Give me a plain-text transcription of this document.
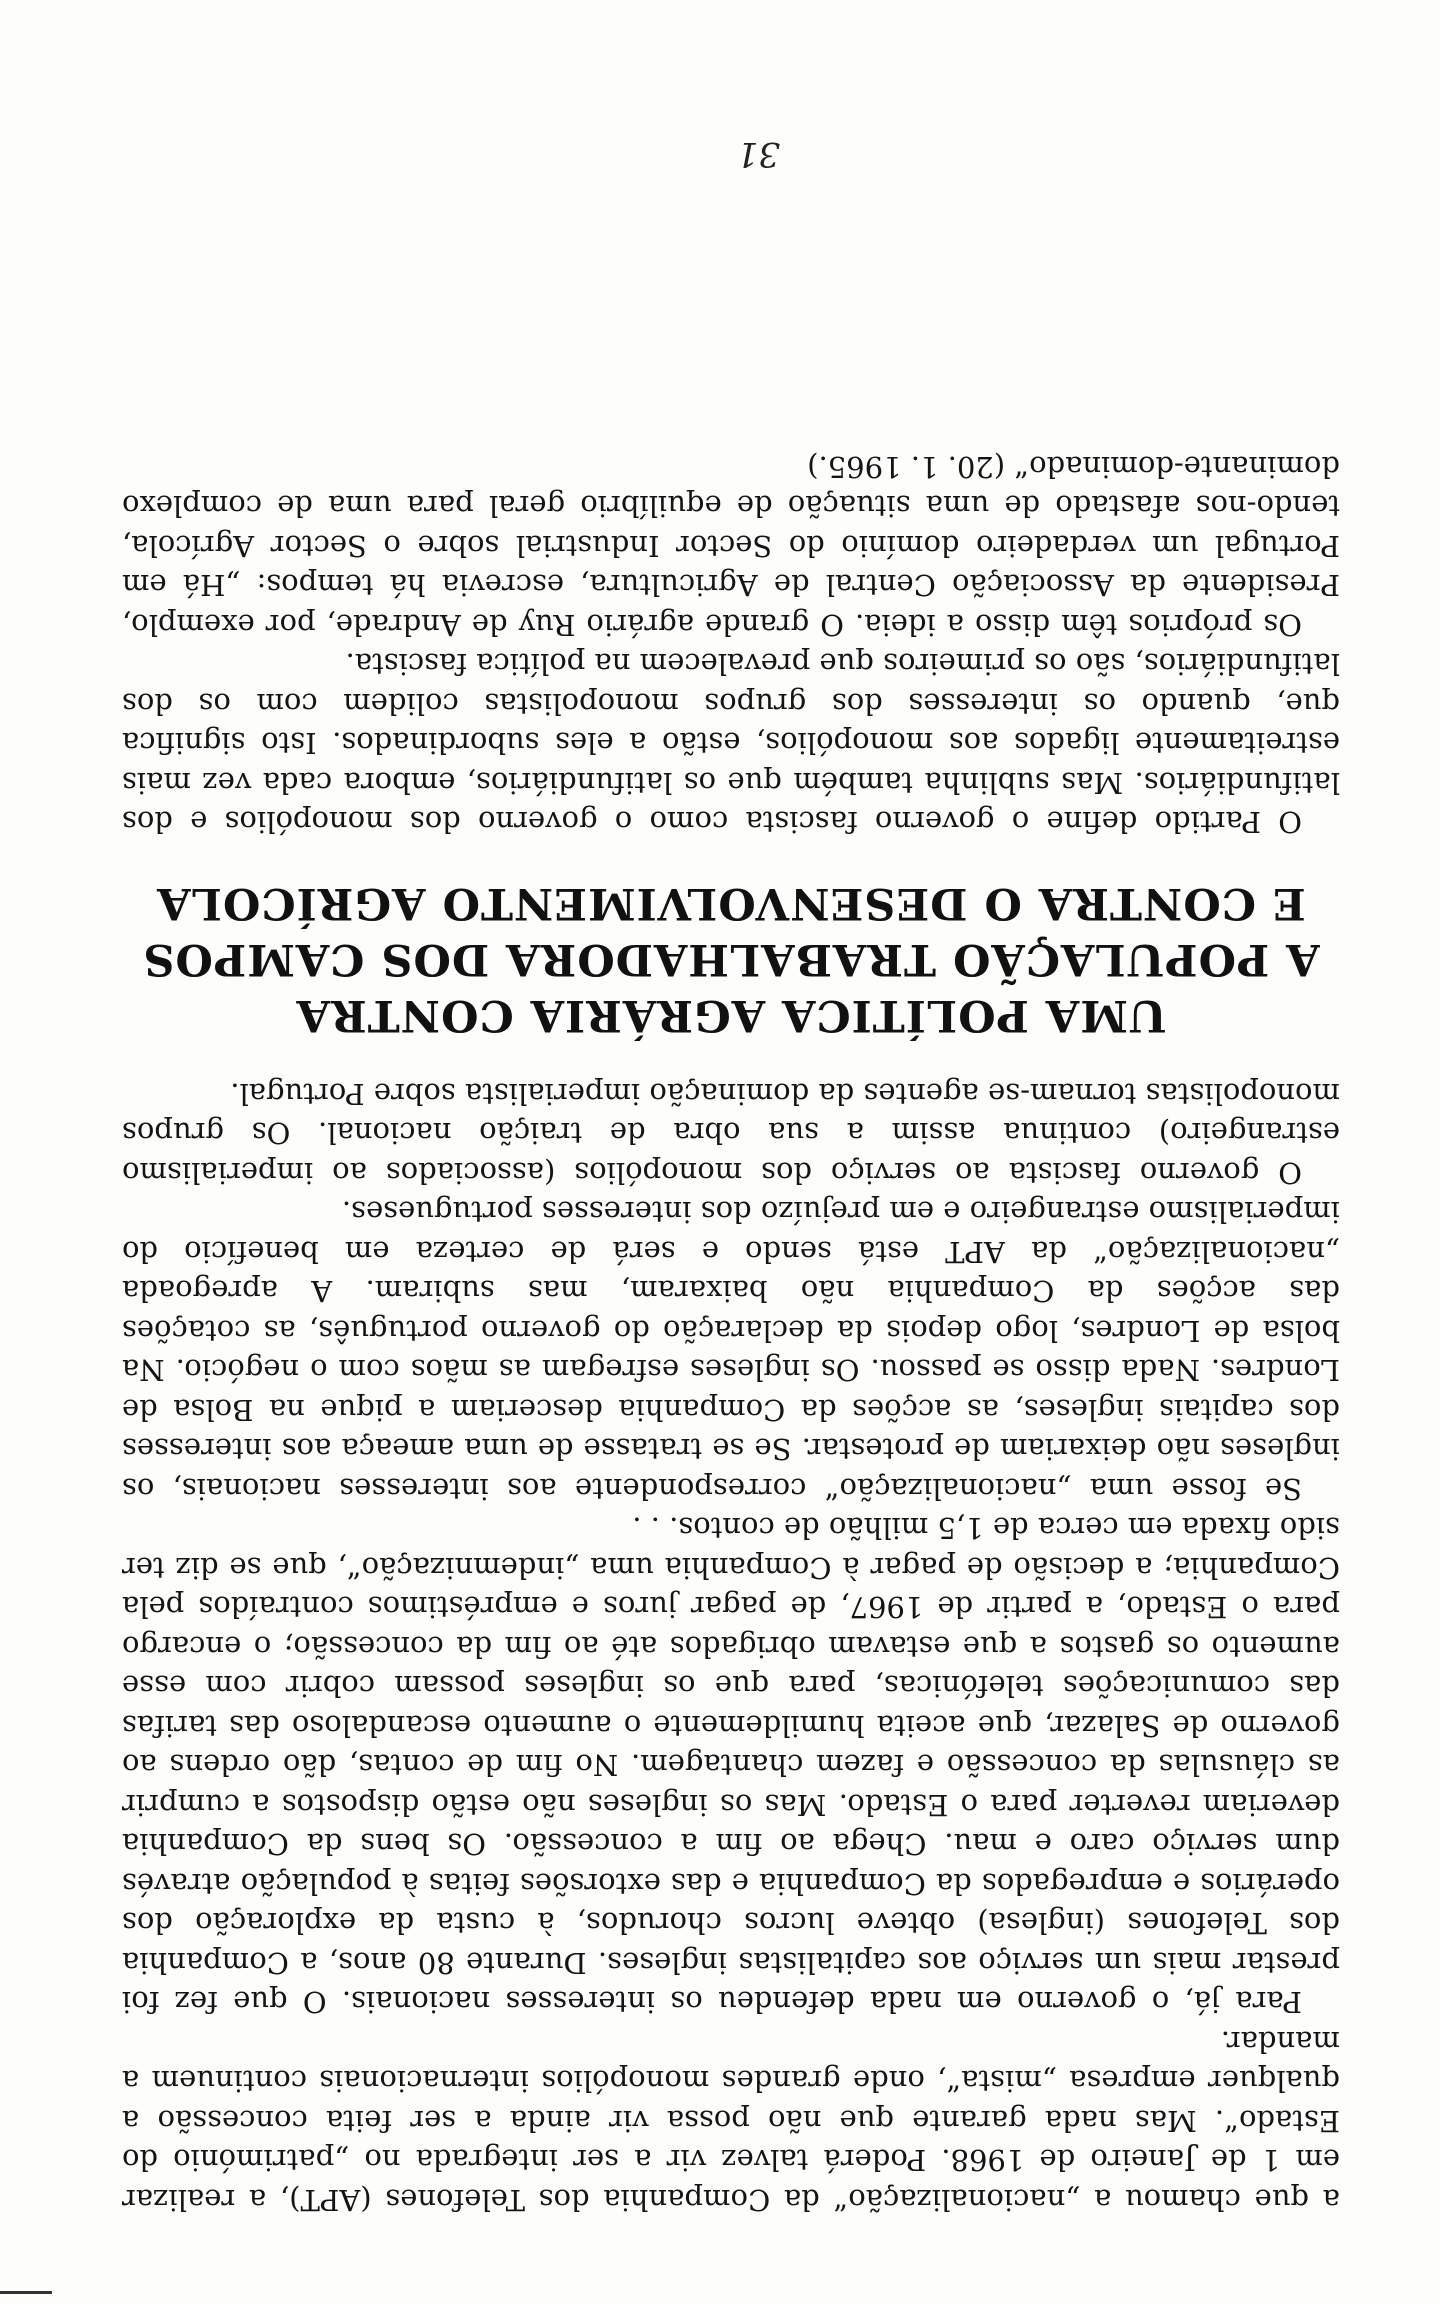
a que chamou a „nacionalização“ da Companhia dos Telefones (APT), a realizar em 1 de Janeiro de 1968. Poderá talvez vir a ser integrada no „património do Estado“. Mas nada garante que não possa vir ainda a ser feita concessão a qualquer empresa „mista“, onde grandes monopólios internacionais continuem a mandar.

Para já, o governo em nada defendeu os interesses nacionais. O que fez foi prestar mais um serviço aos capitalistas ingleses. Durante 80 anos, a Companhia dos Telefones (inglesa) obteve lucros chorudos, à custa da exploração dos operários e empregados da Companhia e das extorsões feitas à população através dum serviço caro e mau. Chega ao fim a concessão. Os bens da Companhia deveriam reverter para o Estado. Mas os ingleses não estão dispostos a cumprir as cláusulas da concessão e fazem chantagem. No fim de contas, dão ordens ao governo de Salazar, que aceita humildemente o aumento escandaloso das tarifas das comunicações telefónicas, para que os ingleses possam cobrir com esse aumento os gastos a que estavam obrigados até ao fim da concessão; o encargo para o Estado, a partir de 1967, de pagar juros e empréstimos contraídos pela Companhia; a decisão de pagar à Companhia uma „indemnização“, que se diz ter sido fixada em cerca de 1,5 milhão de contos. . .

Se fosse uma „nacionalização“ correspondente aos interesses nacionais, os ingleses não deixariam de protestar. Se se tratasse de uma ameaça aos interesses dos capitais ingleses, as acções da Companhia desceriam a pique na Bolsa de Londres. Nada disso se passou. Os ingleses esfregam as mãos com o negócio. Na bolsa de Londres, logo depois da declaração do governo português, as cotações das acções da Companhia não baixaram, mas subiram. A apregoada „nacionalização“ da APT está sendo e será de certeza em benefício do imperialismo estrangeiro e em prejuízo dos interesses portugueses.

O governo fascista ao serviço dos monopólios (associados ao imperialismo estrangeiro) continua assim a sua obra de traição nacional. Os grupos monopolistas tornam-se agentes da dominação imperialista sobre Portugal.

UMA POLÍTICA AGRÁRIA CONTRA
A POPULAÇÃO TRABALHADORA DOS CAMPOS
E CONTRA O DESENVOLVIMENTO AGRÍCOLA

O Partido define o governo fascista como o governo dos monopólios e dos latifundiários. Mas sublinha também que os latifundiários, embora cada vez mais estreitamente ligados aos monopólios, estão a eles subordinados. Isto significa que, quando os interesses dos grupos monopolistas colidem com os dos latifundiários, são os primeiros que prevalecem na política fascista.

Os próprios têm disso a ideia. O grande agrário Ruy de Andrade, por exemplo, Presidente da Associação Central de Agricultura, escrevia há tempos: „Há em Portugal um verdadeiro domínio do Sector Industrial sobre o Sector Agrícola, tendo-nos afastado de uma situação de equilíbrio geral para uma de complexo dominante-dominado“ (20. 1. 1965.)

31
